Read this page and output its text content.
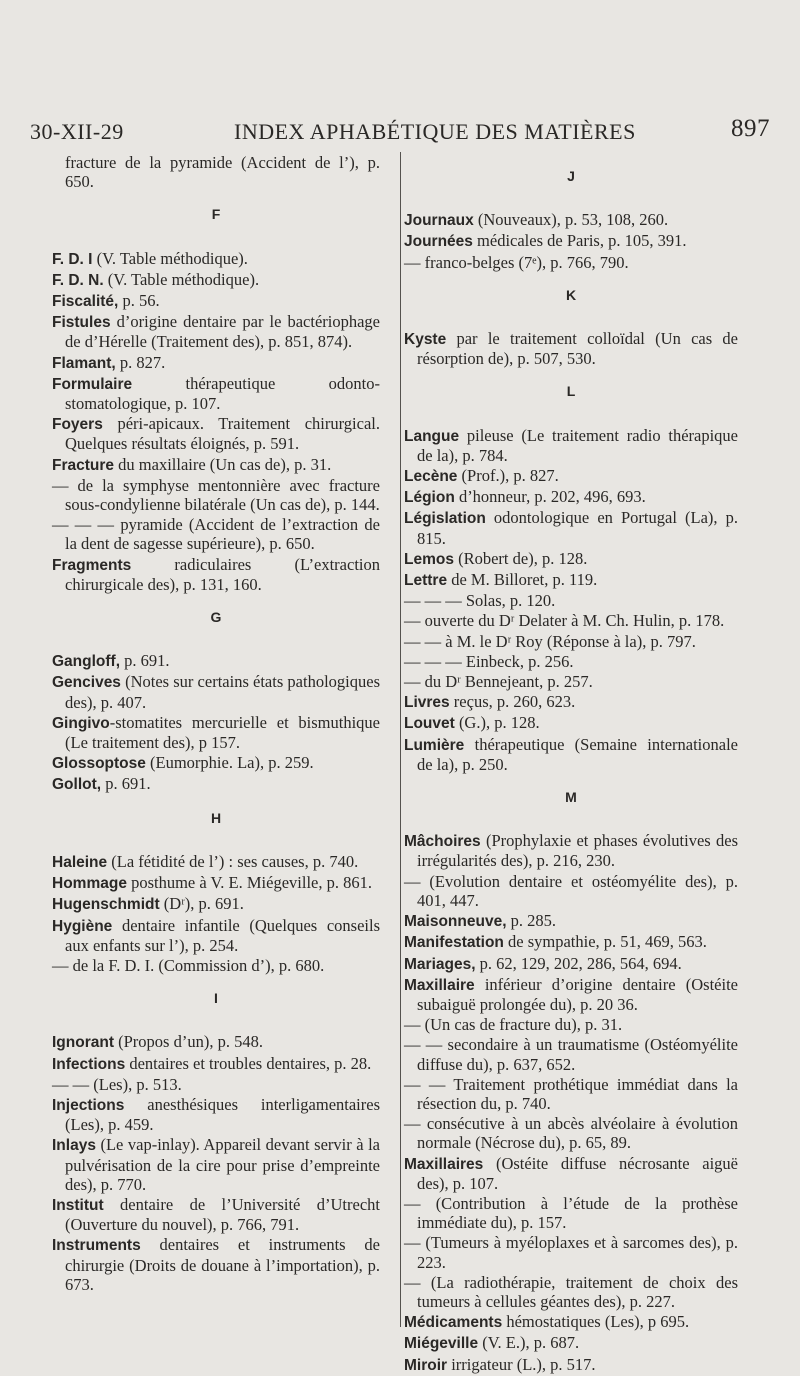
30-XII-29	INDEX APHABÉTIQUE DES MATIÈRES	897
fracture de la pyramide (Accident de l’), p. 650.
F
F. D. I (V. Table méthodique).
F. D. N. (V. Table méthodique).
Fiscalité, p. 56.
Fistules d’origine dentaire par le bactériophage de d’Hérelle (Traitement des), p. 851, 874).
Flamant, p. 827.
Formulaire thérapeutique odonto-stomatologique, p. 107.
Foyers péri-apicaux. Traitement chirurgical. Quelques résultats éloignés, p. 591.
Fracture du maxillaire (Un cas de), p. 31.
— de la symphyse mentonnière avec fracture sous-condylienne bilatérale (Un cas de), p. 144.
— — — pyramide (Accident de l’extraction de la dent de sagesse supérieure), p. 650.
Fragments radiculaires (L’extraction chirurgicale des), p. 131, 160.
G
Gangloff, p. 691.
Gencives (Notes sur certains états pathologiques des), p. 407.
Gingivo-stomatites mercurielle et bismuthique (Le traitement des), p 157.
Glossoptose (Eumorphie. La), p. 259.
Gollot, p. 691.
H
Haleine (La fétidité de l’) : ses causes, p. 740.
Hommage posthume à V. E. Miégeville, p. 861.
Hugenschmidt (Dʳ), p. 691.
Hygiène dentaire infantile (Quelques conseils aux enfants sur l’), p. 254.
— de la F. D. I. (Commission d’), p. 680.
I
Ignorant (Propos d’un), p. 548.
Infections dentaires et troubles dentaires, p. 28.
— — (Les), p. 513.
Injections anesthésiques interligamentaires (Les), p. 459.
Inlays (Le vap-inlay). Appareil devant servir à la pulvérisation de la cire pour prise d’empreinte des), p. 770.
Institut dentaire de l’Université d’Utrecht (Ouverture du nouvel), p. 766, 791.
Instruments dentaires et instruments de chirurgie (Droits de douane à l’importation), p. 673.
J
Journaux (Nouveaux), p. 53, 108, 260.
Journées médicales de Paris, p. 105, 391.
— franco-belges (7ᵉ), p. 766, 790.
K
Kyste par le traitement colloïdal (Un cas de résorption de), p. 507, 530.
L
Langue pileuse (Le traitement radio thérapique de la), p. 784.
Lecène (Prof.), p. 827.
Légion d’honneur, p. 202, 496, 693.
Législation odontologique en Portugal (La), p. 815.
Lemos (Robert de), p. 128.
Lettre de M. Billoret, p. 119.
— — — Solas, p. 120.
— ouverte du Dʳ Delater à M. Ch. Hulin, p. 178.
— — à M. le Dʳ Roy (Réponse à la), p. 797.
— — — Einbeck, p. 256.
— du Dʳ Bennejeant, p. 257.
Livres reçus, p. 260, 623.
Louvet (G.), p. 128.
Lumière thérapeutique (Semaine internationale de la), p. 250.
M
Mâchoires (Prophylaxie et phases évolutives des irrégularités des), p. 216, 230.
— (Evolution dentaire et ostéomyélite des), p. 401, 447.
Maisonneuve, p. 285.
Manifestation de sympathie, p. 51, 469, 563.
Mariages, p. 62, 129, 202, 286, 564, 694.
Maxillaire inférieur d’origine dentaire (Ostéite subaiguë prolongée du), p. 20 36.
— (Un cas de fracture du), p. 31.
— — secondaire à un traumatisme (Ostéomyélite diffuse du), p. 637, 652.
— — Traitement prothétique immédiat dans la résection du, p. 740.
— consécutive à un abcès alvéolaire à évolution normale (Nécrose du), p. 65, 89.
Maxillaires (Ostéite diffuse nécrosante aiguë des), p. 107.
— (Contribution à l’étude de la prothèse immédiate du), p. 157.
— (Tumeurs à myéloplaxes et à sarcomes des), p. 223.
— (La radiothérapie, traitement de choix des tumeurs à cellules géantes des), p. 227.
Médicaments hémostatiques (Les), p 695.
Miégeville (V. E.), p. 687.
Miroir irrigateur (L.), p. 517.
